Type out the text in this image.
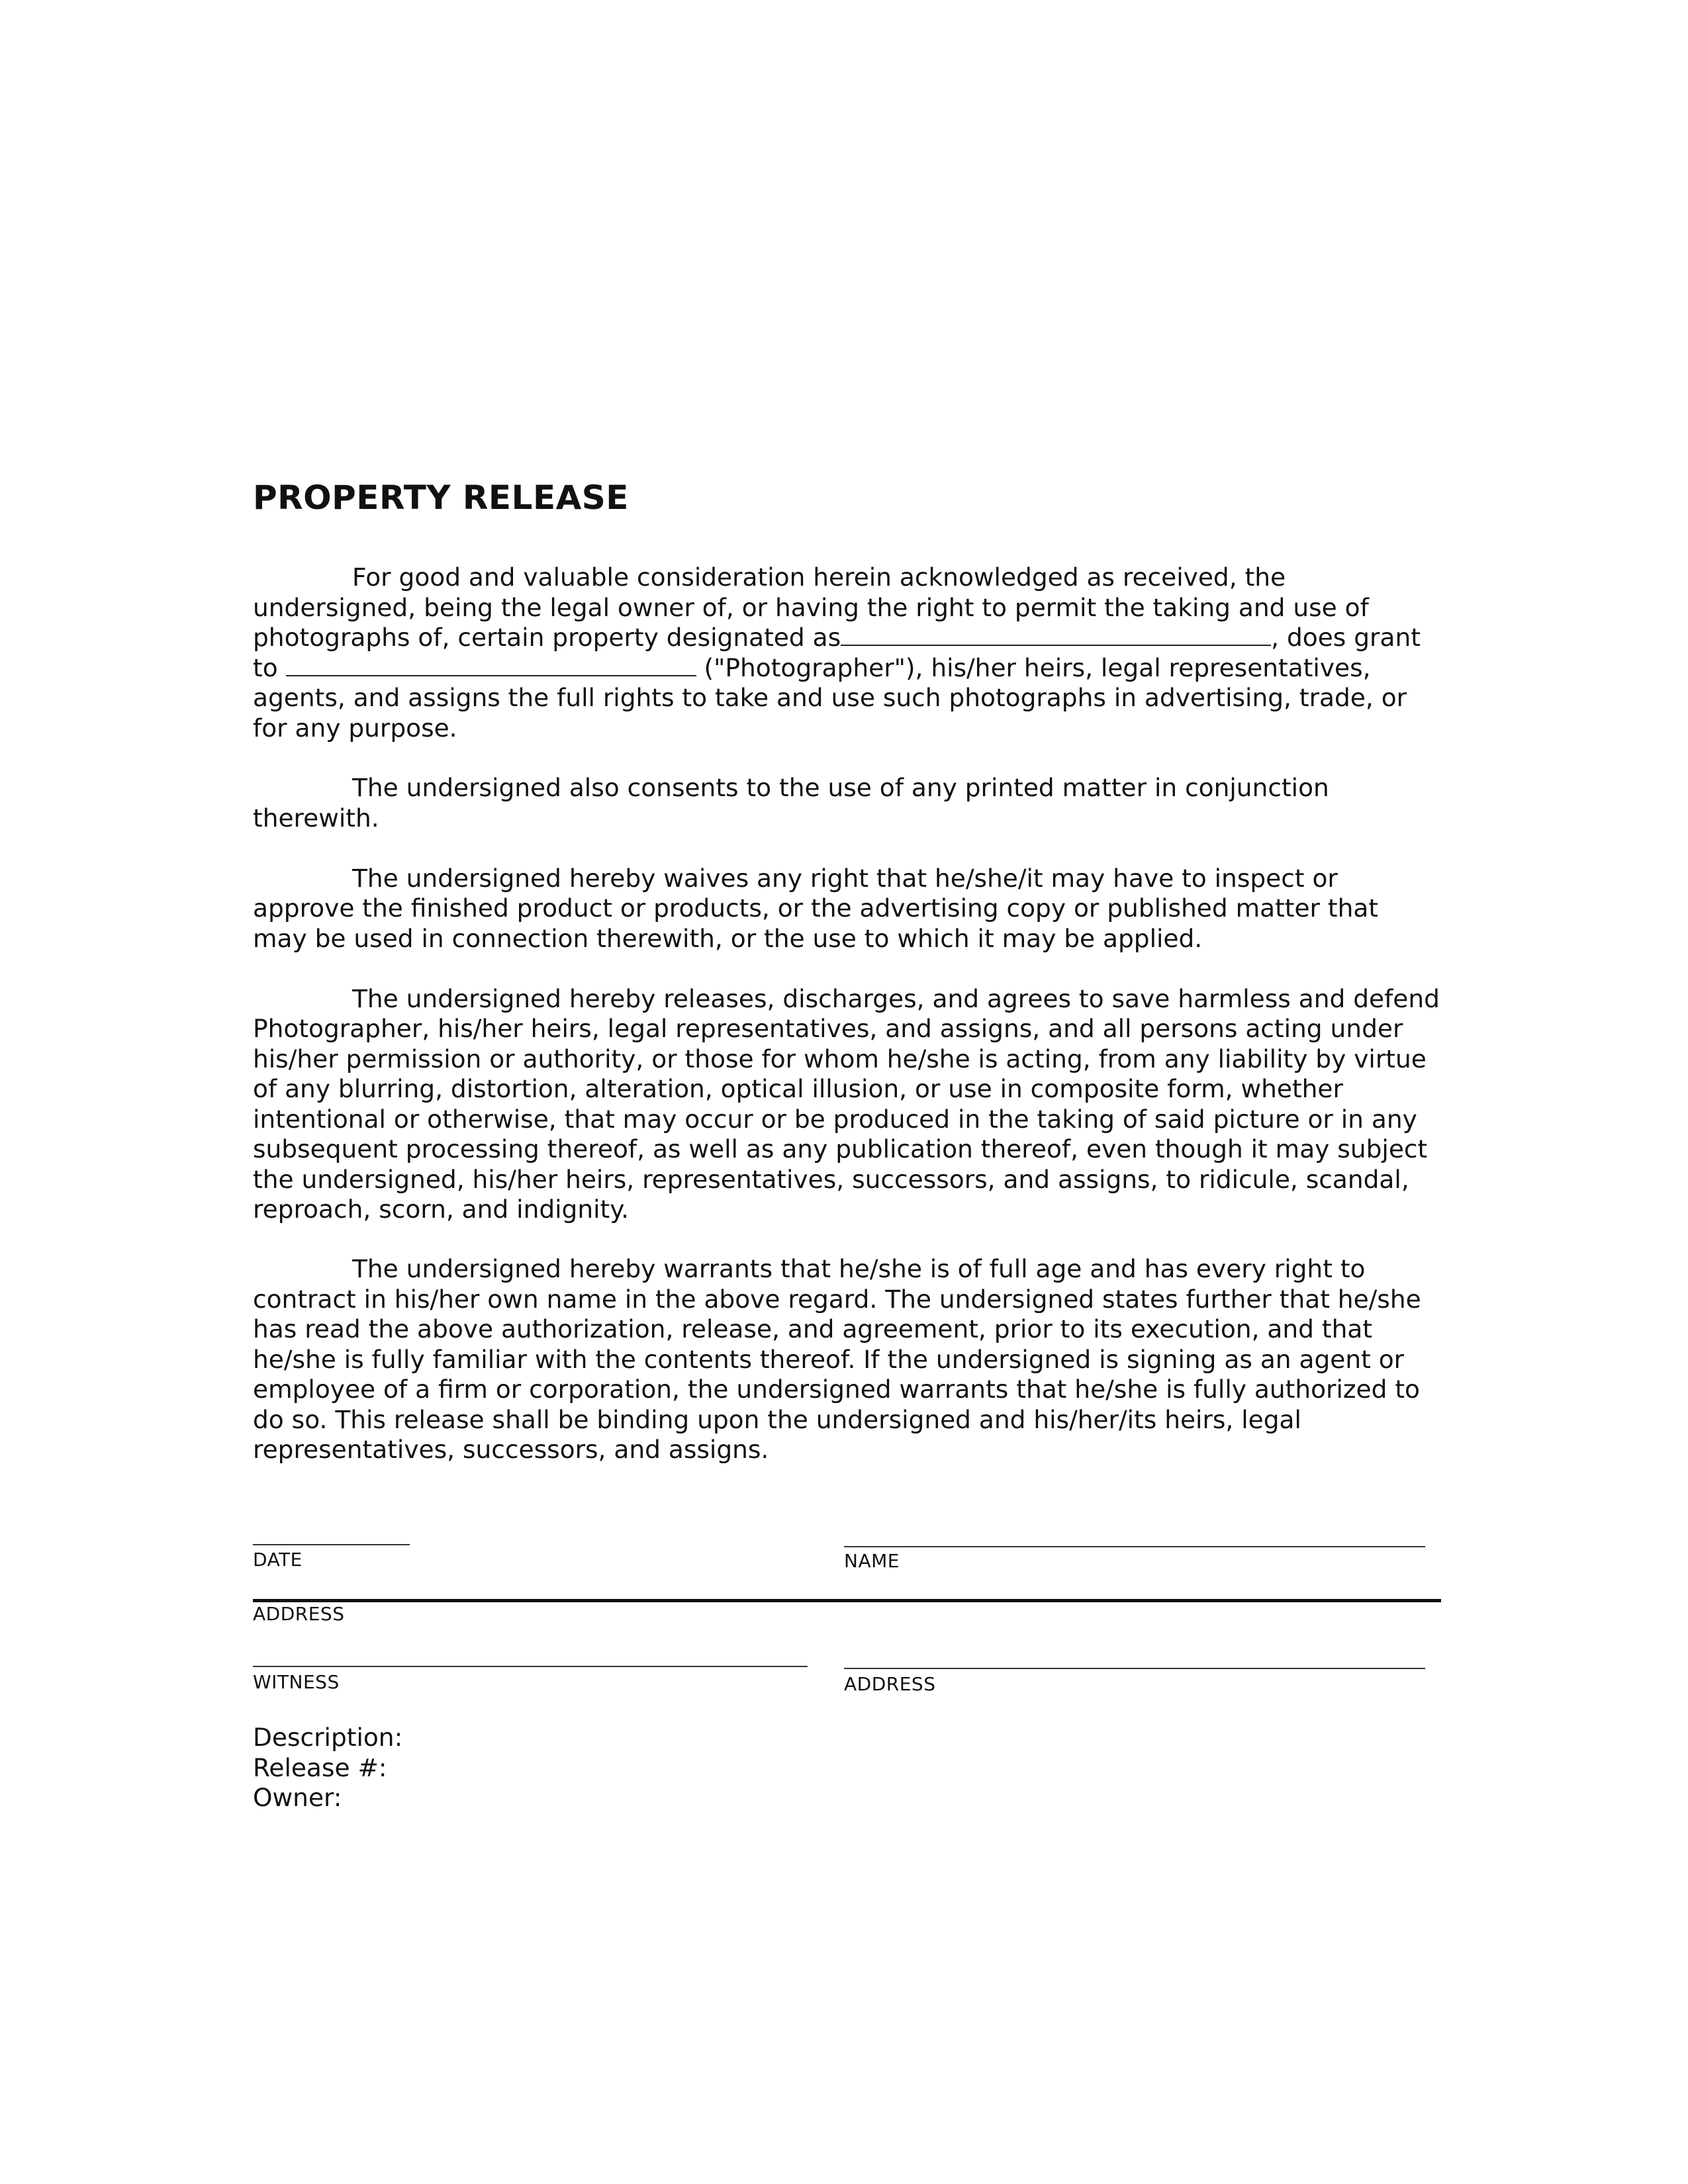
PROPERTY RELEASE
For good and valuable consideration herein acknowledged as received, the
undersigned, being the legal owner of, or having the right to permit the taking and use of
photographs of, certain property designated as	, does grant
to	("Photographer"), his/her heirs, legal representatives,
agents, and assigns the full rights to take and use such photographs in advertising, trade, or
for any purpose.
The undersigned also consents to the use of any printed matter in conjunction
therewith.
The undersigned hereby waives any right that he/she/it may have to inspect or
approve the finished product or products, or the advertising copy or published matter that
may be used in connection therewith, or the use to which it may be applied.
The undersigned hereby releases, discharges, and agrees to save harmless and defend
Photographer, his/her heirs, legal representatives, and assigns, and all persons acting under
his/her permission or authority, or those for whom he/she is acting, from any liability by virtue
of any blurring, distortion, alteration, optical illusion, or use in composite form, whether
intentional or otherwise, that may occur or be produced in the taking of said picture or in any
subsequent processing thereof, as well as any publication thereof, even though it may subject
the undersigned, his/her heirs, representatives, successors, and assigns, to ridicule, scandal,
reproach, scorn, and indignity.
The undersigned hereby warrants that he/she is of full age and has every right to
contract in his/her own name in the above regard. The undersigned states further that he/she
has read the above authorization, release, and agreement, prior to its execution, and that
he/she is fully familiar with the contents thereof. If the undersigned is signing as an agent or
employee of a firm or corporation, the undersigned warrants that he/she is fully authorized to
do so. This release shall be binding upon the undersigned and his/her/its heirs, legal
representatives, successors, and assigns.
DATE	NAME
ADDRESS
WITNESS	ADDRESS
Description:
Release #:
Owner:
